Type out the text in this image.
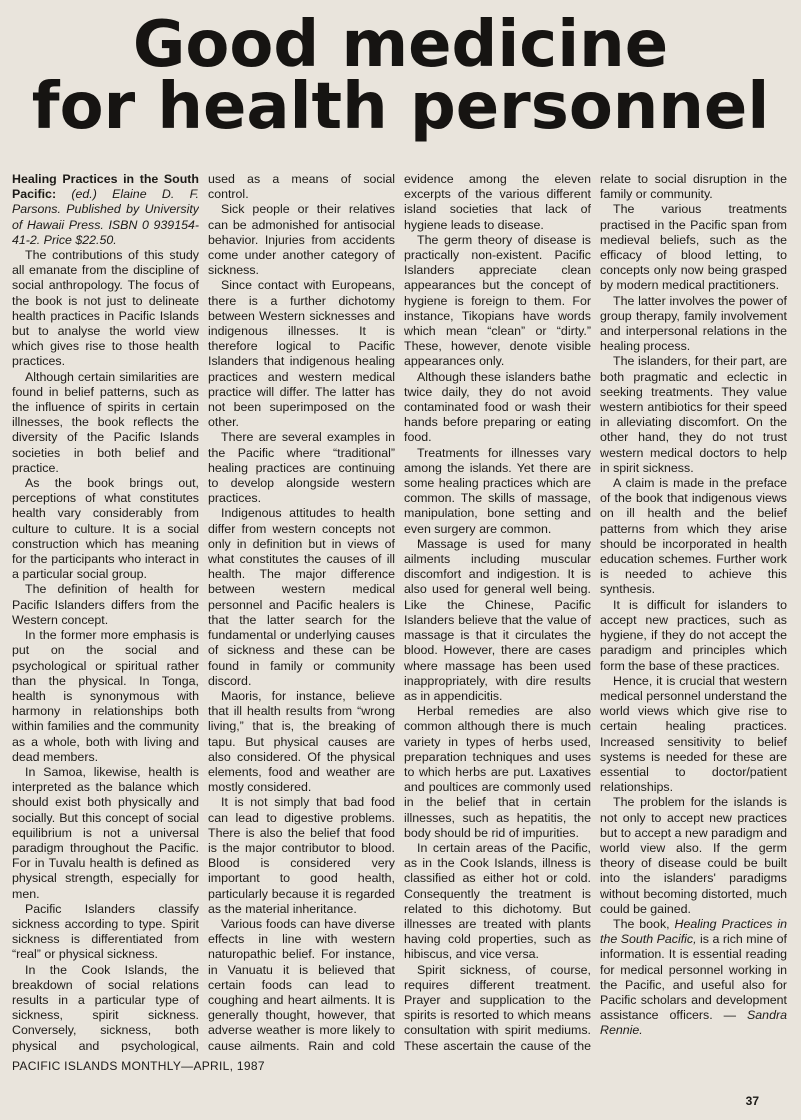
Good medicine
for health personnel

Healing Practices in the South Pacific: (ed.) Elaine D. F. Parsons. Published by University of Hawaii Press. ISBN 0 939154-41-2. Price $22.50.

The contributions of this study all emanate from the discipline of social anthropology. The focus of the book is not just to delineate health practices in Pacific Islands but to analyse the world view which gives rise to those health practices.

Although certain similarities are found in belief patterns, such as the influence of spirits in certain illnesses, the book reflects the diversity of the Pacific Islands societies in both belief and practice.

As the book brings out, perceptions of what constitutes health vary considerably from culture to culture. It is a social construction which has meaning for the participants who interact in a particular social group.

The definition of health for Pacific Islanders differs from the Western concept.

In the former more emphasis is put on the social and psychological or spiritual rather than the physical. In Tonga, health is synonymous with harmony in relationships both within families and the community as a whole, both with living and dead members.

In Samoa, likewise, health is interpreted as the balance which should exist both physically and socially. But this concept of social equilibrium is not a universal paradigm throughout the Pacific. For in Tuvalu health is defined as physical strength, especially for men.

Pacific Islanders classify sickness according to type. Spirit sickness is differentiated from “real” or physical sickness.

In the Cook Islands, the breakdown of social relations results in a particular type of sickness, spirit sickness. Conversely, sickness, both physical and psychological,

used as a means of social control.

Sick people or their relatives can be admonished for antisocial behavior. Injuries from accidents come under another category of sickness.

Since contact with Europeans, there is a further dichotomy between Western sicknesses and indigenous illnesses. It is therefore logical to Pacific Islanders that indigenous healing practices and western medical practice will differ. The latter has not been superimposed on the other.

There are several examples in the Pacific where “traditional” healing practices are continuing to develop alongside western practices.

Indigenous attitudes to health differ from western concepts not only in definition but in views of what constitutes the causes of ill health. The major difference between western medical personnel and Pacific healers is that the latter search for the fundamental or underlying causes of sickness and these can be found in family or community discord.

Maoris, for instance, believe that ill health results from “wrong living,” that is, the breaking of tapu. But physical causes are also considered. Of the physical elements, food and weather are mostly considered.

It is not simply that bad food can lead to digestive problems. There is also the belief that food is the major contributor to blood. Blood is considered very important to good health, particularly because it is regarded as the material inheritance.

Various foods can have diverse effects in line with western naturopathic belief. For instance, in Vanuatu it is believed that certain foods can lead to coughing and heart ailments. It is generally thought, however, that adverse weather is more likely to cause ailments. Rain and cold

evidence among the eleven excerpts of the various different island societies that lack of hygiene leads to disease.

The germ theory of disease is practically non-existent. Pacific Islanders appreciate clean appearances but the concept of hygiene is foreign to them. For instance, Tikopians have words which mean “clean” or “dirty.” These, however, denote visible appearances only.

Although these islanders bathe twice daily, they do not avoid contaminated food or wash their hands before preparing or eating food.

Treatments for illnesses vary among the islands. Yet there are some healing practices which are common. The skills of massage, manipulation, bone setting and even surgery are common.

Massage is used for many ailments including muscular discomfort and indigestion. It is also used for general well being. Like the Chinese, Pacific Islanders believe that the value of massage is that it circulates the blood. However, there are cases where massage has been used inappropriately, with dire results as in appendicitis.

Herbal remedies are also common although there is much variety in types of herbs used, preparation techniques and uses to which herbs are put. Laxatives and poultices are commonly used in the belief that in certain illnesses, such as hepatitis, the body should be rid of impurities.

In certain areas of the Pacific, as in the Cook Islands, illness is classified as either hot or cold. Consequently the treatment is related to this dichotomy. But illnesses are treated with plants having cold properties, such as hibiscus, and vice versa.

Spirit sickness, of course, requires different treatment. Prayer and supplication to the spirits is resorted to which means consultation with spirit mediums. These ascertain the cause of the

relate to social disruption in the family or community.

The various treatments practised in the Pacific span from medieval beliefs, such as the efficacy of blood letting, to concepts only now being grasped by modern medical practitioners.

The latter involves the power of group therapy, family involvement and interpersonal relations in the healing process.

The islanders, for their part, are both pragmatic and eclectic in seeking treatments. They value western antibiotics for their speed in alleviating discomfort. On the other hand, they do not trust western medical doctors to help in spirit sickness.

A claim is made in the preface of the book that indigenous views on ill health and the belief patterns from which they arise should be incorporated in health education schemes. Further work is needed to achieve this synthesis.

It is difficult for islanders to accept new practices, such as hygiene, if they do not accept the paradigm and principles which form the base of these practices.

Hence, it is crucial that western medical personnel understand the world views which give rise to certain healing practices. Increased sensitivity to belief systems is needed for these are essential to doctor/patient relationships.

The problem for the islands is not only to accept new practices but to accept a new paradigm and world view also. If the germ theory of disease could be built into the islanders' paradigms without becoming distorted, much could be gained.

The book, Healing Practices in the South Pacific, is a rich mine of information. It is essential reading for medical personnel working in the Pacific, and useful also for Pacific scholars and development assistance officers. — Sandra Rennie.

PACIFIC ISLANDS MONTHLY—APRIL, 1987
37
